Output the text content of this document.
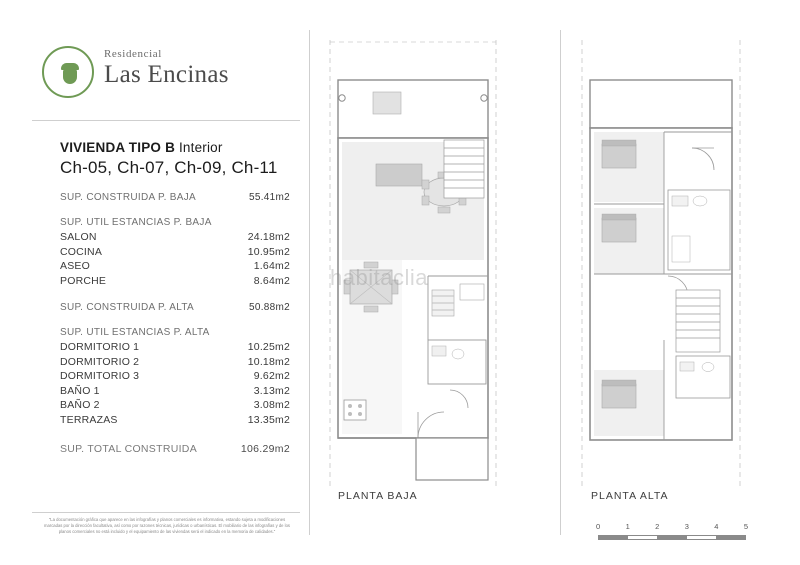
Residencial
Las Encinas
VIVIENDA TIPO B Interior
Ch-05, Ch-07, Ch-09, Ch-11
SUP. CONSTRUIDA P. BAJA	55.41m2
SUP. UTIL ESTANCIAS P. BAJA
SALON	24.18m2
COCINA	10.95m2
ASEO	1.64m2
PORCHE	8.64m2
SUP. CONSTRUIDA P. ALTA	50.88m2
SUP. UTIL ESTANCIAS P. ALTA
DORMITORIO 1	10.25m2
DORMITORIO 2	10.18m2
DORMITORIO 3	9.62m2
BAÑO 1	3.13m2
BAÑO 2	3.08m2
TERRAZAS	13.35m2
SUP. TOTAL CONSTRUIDA	106.29m2
"La documentación gráfica que aparece en las infografías y planos comerciales es informativa, estando sujeta a modificaciones marcadas por la dirección facultativa, así como por razones técnicas, jurídicas o urbanísticas. El mobiliario de las infografías y de los planos comerciales no está incluido y el equipamiento de las viviendas será el indicado en la memoria de calidades."
habitaclia
PLANTA BAJA	PLANTA ALTA
0	1	2	3	4	5
